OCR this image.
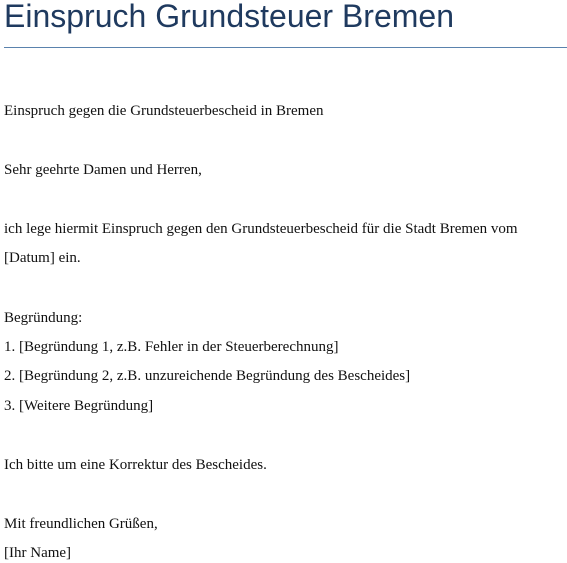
Einspruch Grundsteuer Bremen

Einspruch gegen die Grundsteuerbescheid in Bremen

Sehr geehrte Damen und Herren,

ich lege hiermit Einspruch gegen den Grundsteuerbescheid für die Stadt Bremen vom

[Datum] ein.

Begründung:

1. [Begründung 1, z.B. Fehler in der Steuerberechnung]

2. [Begründung 2, z.B. unzureichende Begründung des Bescheides]

3. [Weitere Begründung]

Ich bitte um eine Korrektur des Bescheides.

Mit freundlichen Grüßen,

[Ihr Name]
